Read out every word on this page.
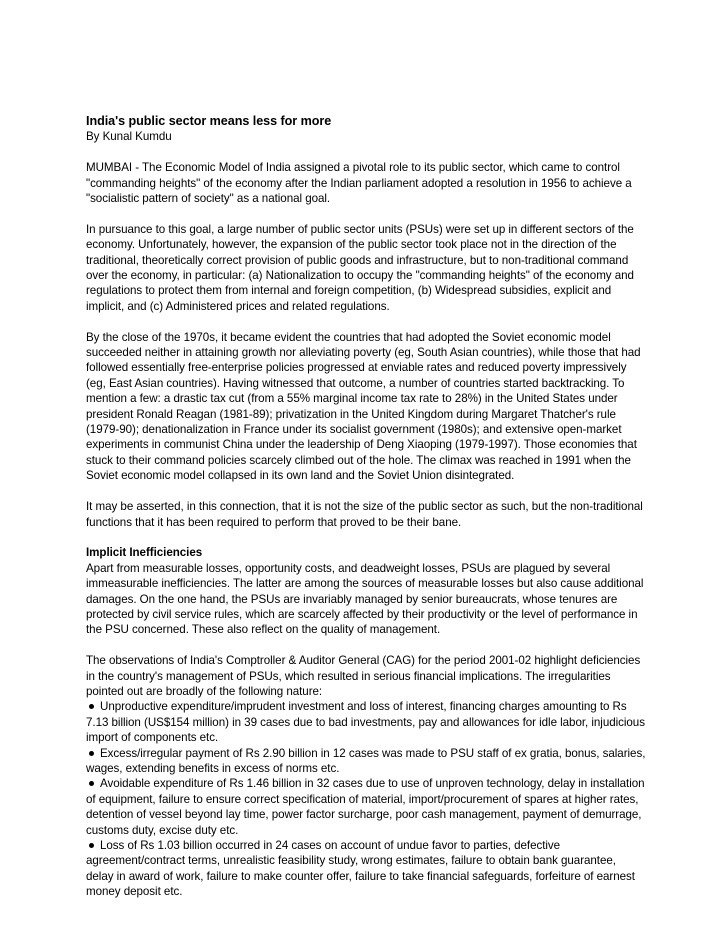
India's public sector means less for more
By Kunal Kumdu

MUMBAI - The Economic Model of India assigned a pivotal role to its public sector, which came to control "commanding heights" of the economy after the Indian parliament adopted a resolution in 1956 to achieve a "socialistic pattern of society" as a national goal.

In pursuance to this goal, a large number of public sector units (PSUs) were set up in different sectors of the economy. Unfortunately, however, the expansion of the public sector took place not in the direction of the traditional, theoretically correct provision of public goods and infrastructure, but to non-traditional command over the economy, in particular: (a) Nationalization to occupy the "commanding heights" of the economy and regulations to protect them from internal and foreign competition, (b) Widespread subsidies, explicit and implicit, and (c) Administered prices and related regulations.

By the close of the 1970s, it became evident the countries that had adopted the Soviet economic model succeeded neither in attaining growth nor alleviating poverty (eg, South Asian countries), while those that had followed essentially free-enterprise policies progressed at enviable rates and reduced poverty impressively (eg, East Asian countries). Having witnessed that outcome, a number of countries started backtracking. To mention a few: a drastic tax cut (from a 55% marginal income tax rate to 28%) in the United States under president Ronald Reagan (1981-89); privatization in the United Kingdom during Margaret Thatcher's rule (1979-90); denationalization in France under its socialist government (1980s); and extensive open-market experiments in communist China under the leadership of Deng Xiaoping (1979-1997). Those economies that stuck to their command policies scarcely climbed out of the hole. The climax was reached in 1991 when the Soviet economic model collapsed in its own land and the Soviet Union disintegrated.

It may be asserted, in this connection, that it is not the size of the public sector as such, but the non-traditional functions that it has been required to perform that proved to be their bane.

Implicit Inefficiencies

Apart from measurable losses, opportunity costs, and deadweight losses, PSUs are plagued by several immeasurable inefficiencies. The latter are among the sources of measurable losses but also cause additional damages. On the one hand, the PSUs are invariably managed by senior bureaucrats, whose tenures are protected by civil service rules, which are scarcely affected by their productivity or the level of performance in the PSU concerned. These also reflect on the quality of management.

The observations of India's Comptroller & Auditor General (CAG) for the period 2001-02 highlight deficiencies in the country's management of PSUs, which resulted in serious financial implications. The irregularities pointed out are broadly of the following nature:
Unproductive expenditure/imprudent investment and loss of interest, financing charges amounting to Rs 7.13 billion (US$154 million) in 39 cases due to bad investments, pay and allowances for idle labor, injudicious import of components etc.
Excess/irregular payment of Rs 2.90 billion in 12 cases was made to PSU staff of ex gratia, bonus, salaries, wages, extending benefits in excess of norms etc.
Avoidable expenditure of Rs 1.46 billion in 32 cases due to use of unproven technology, delay in installation of equipment, failure to ensure correct specification of material, import/procurement of spares at higher rates, detention of vessel beyond lay time, power factor surcharge, poor cash management, payment of demurrage, customs duty, excise duty etc.
Loss of Rs 1.03 billion occurred in 24 cases on account of undue favor to parties, defective agreement/contract terms, unrealistic feasibility study, wrong estimates, failure to obtain bank guarantee, delay in award of work, failure to make counter offer, failure to take financial safeguards, forfeiture of earnest money deposit etc.
